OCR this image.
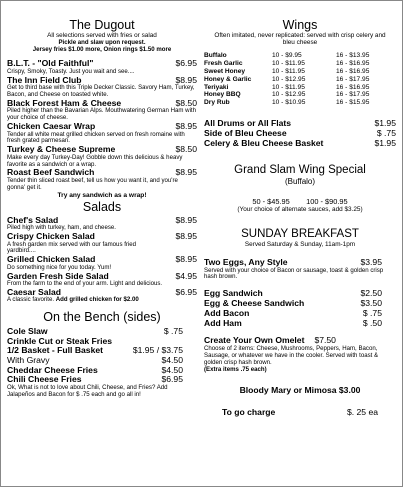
The Dugout
All selections served with fries or salad
Pickle and slaw upon request.
Jersey fries $1.00 more, Onion rings $1.50 more
B.L.T. - "Old Faithful"	$6.95
Crispy, Smoky, Toasty. Just you wait and see....
The Inn Field Club	$8.95
Get to third base with this Triple Decker Classic. Savory Ham, Turkey, Bacon, and Cheese on toasted white.
Black Forest Ham & Cheese	$8.50
Piled higher than the Bavarian Alps. Mouthwatering German Ham with your choice of cheese.
Chicken Caesar Wrap	$8.95
Tender all white meat grilled chicken served on fresh romaine with fresh grated parmesan.
Turkey & Cheese Supreme	$8.50
Make every day Turkey-Day! Gobble down this delicious & heavy favorite as a sandwich or a wrap.
Roast Beef Sandwich	$8.95
Tender thin sliced roast beef, tell us how you want it, and you're gonna' get it.
Try any sandwich as a wrap!
Salads
Chef's Salad	$8.95
Piled high with turkey, ham, and cheese.
Crispy Chicken Salad	$8.95
A fresh garden mix served with our famous fried yardbird....
Grilled Chicken Salad	$8.95
Do something nice for you today. Yum!
Garden Fresh Side Salad	$4.95
From the farm to the end of your arm. Light and delicious.
Caesar Salad	$6.95
A classic favorite. Add grilled chicken for $2.00
On the Bench (sides)
Cole Slaw	$ .75
Crinkle Cut or Steak Fries
1/2 Basket - Full Basket	$1.95 / $3.75
With Gravy	$4.50
Cheddar Cheese Fries	$4.50
Chili Cheese Fries	$6.95
Ok, What is not to love about Chili, Cheese, and Fries? Add Jalapeños and Bacon for $ .75 each and go all in!
Wings
Often imitated, never replicated: served with crisp celery and bleu cheese
Buffalo	10 - $9.95	16 - $13.95
Fresh Garlic	10 - $11.95	16 - $16.95
Sweet Honey	10 - $11.95	16 - $16.95
Honey & Garlic	10 - $12.95	16 - $17.95
Teriyaki	10 - $11.95	16 - $16.95
Honey BBQ	10 - $12.95	16 - $17.95
Dry Rub	10 - $10.95	16 - $15.95
All Drums or All Flats	$1.95
Side of Bleu Cheese	$ .75
Celery & Bleu Cheese Basket	$1.95
Grand Slam Wing Special
(Buffalo)
50 - $45.95        100 - $90.95
(Your choice of alternate sauces, add $3.25)
SUNDAY BREAKFAST
Served Saturday & Sunday, 11am-1pm
Two Eggs, Any Style	$3.95
Served with your choice of Bacon or sausage, toast & golden crisp hash brown.
Egg Sandwich	$2.50
Egg & Cheese Sandwich	$3.50
Add Bacon	$ .75
Add Ham	$ .50
Create Your Own Omelet $7.50
Choose of 2 items: Cheese, Mushrooms, Peppers, Ham, Bacon, Sausage, or whatever we have in the cooler. Served with toast & golden crisp hash brown.
(Extra items .75 each)
Bloody Mary or Mimosa $3.00
To go charge	$. 25 ea
